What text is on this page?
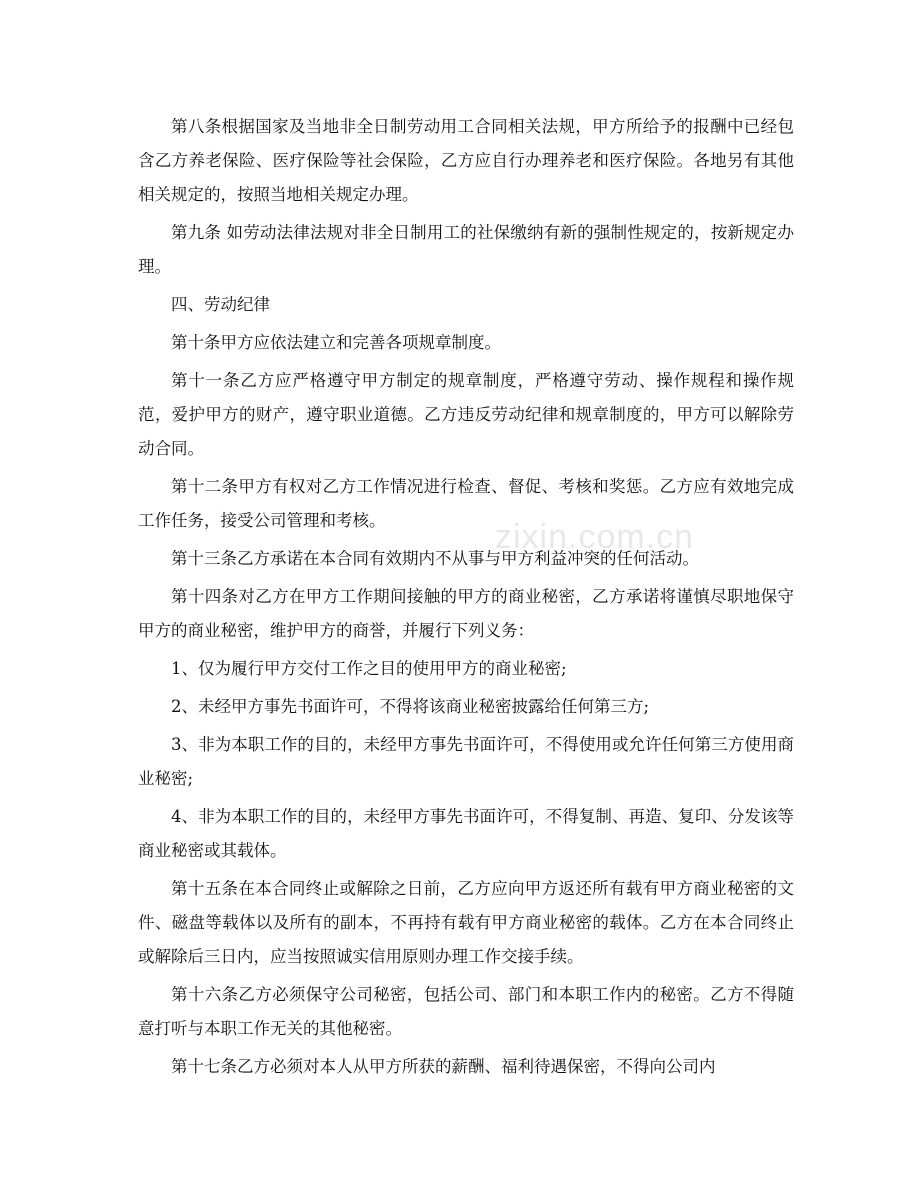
zixin.com.cn

第八条根据国家及当地非全日制劳动用工合同相关法规，甲方所给予的报酬中已经包含乙方养老保险、医疗保险等社会保险，乙方应自行办理养老和医疗保险。各地另有其他相关规定的，按照当地相关规定办理。

第九条 如劳动法律法规对非全日制用工的社保缴纳有新的强制性规定的，按新规定办理。

四、劳动纪律

第十条甲方应依法建立和完善各项规章制度。

第十一条乙方应严格遵守甲方制定的规章制度，严格遵守劳动、操作规程和操作规范，爱护甲方的财产，遵守职业道德。乙方违反劳动纪律和规章制度的，甲方可以解除劳动合同。

第十二条甲方有权对乙方工作情况进行检查、督促、考核和奖惩。乙方应有效地完成工作任务，接受公司管理和考核。

第十三条乙方承诺在本合同有效期内不从事与甲方利益冲突的任何活动。

第十四条对乙方在甲方工作期间接触的甲方的商业秘密，乙方承诺将谨慎尽职地保守甲方的商业秘密，维护甲方的商誉，并履行下列义务：

1、仅为履行甲方交付工作之目的使用甲方的商业秘密;

2、未经甲方事先书面许可，不得将该商业秘密披露给任何第三方;

3、非为本职工作的目的，未经甲方事先书面许可，不得使用或允许任何第三方使用商业秘密;

4、非为本职工作的目的，未经甲方事先书面许可，不得复制、再造、复印、分发该等商业秘密或其载体。

第十五条在本合同终止或解除之日前，乙方应向甲方返还所有载有甲方商业秘密的文件、磁盘等载体以及所有的副本，不再持有载有甲方商业秘密的载体。乙方在本合同终止或解除后三日内，应当按照诚实信用原则办理工作交接手续。

第十六条乙方必须保守公司秘密，包括公司、部门和本职工作内的秘密。乙方不得随意打听与本职工作无关的其他秘密。

第十七条乙方必须对本人从甲方所获的薪酬、福利待遇保密，不得向公司内
